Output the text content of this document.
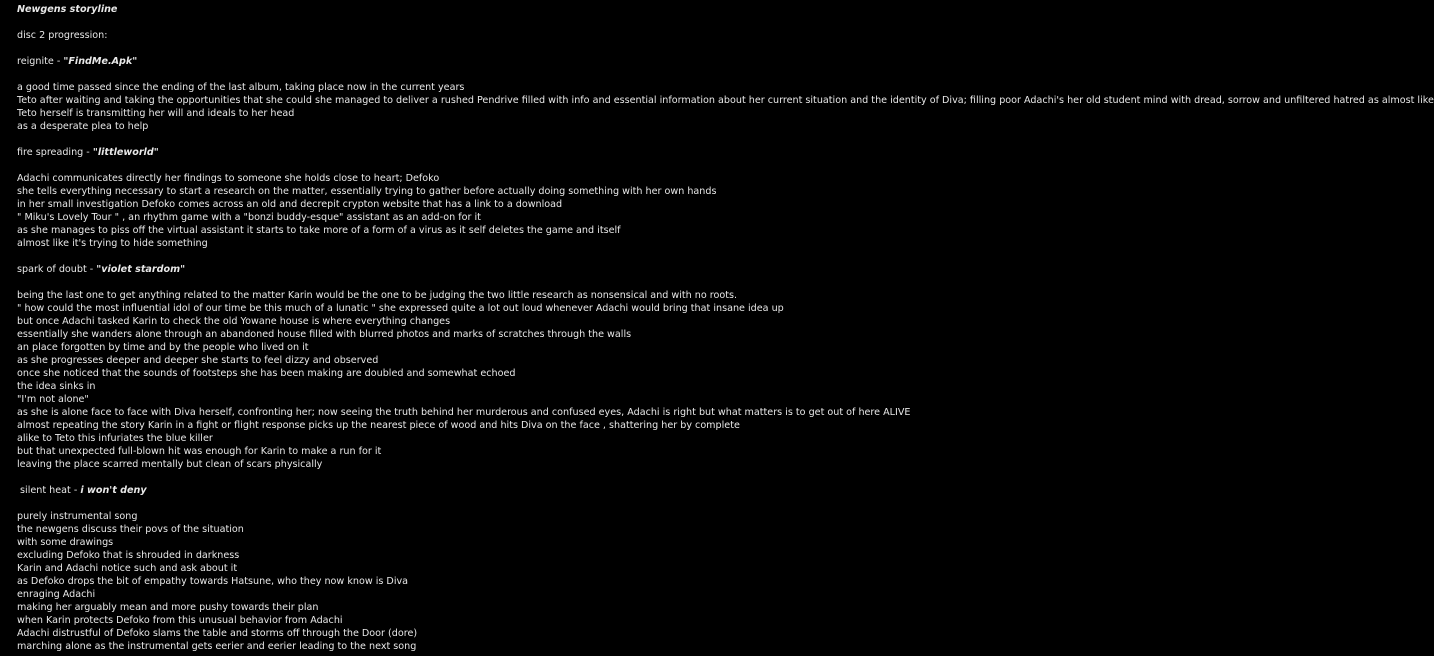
Newgens storyline
disc 2 progression:
reignite - "FindMe.Apk"
a good time passed since the ending of the last album, taking place now in the current years
Teto after waiting and taking the opportunities that she could she managed to deliver a rushed Pendrive filled with info and essential information about her current situation and the identity of Diva; filling poor Adachi's her old student mind with dread, sorrow and unfiltered hatred as almost like
Teto herself is transmitting her will and ideals to her head
as a desperate plea to help
fire spreading - "littleworld"
Adachi communicates directly her findings to someone she holds close to heart; Defoko
she tells everything necessary to start a research on the matter, essentially trying to gather before actually doing something with her own hands
in her small investigation Defoko comes across an old and decrepit crypton website that has a link to a download
" Miku's Lovely Tour " , an rhythm game with a "bonzi buddy-esque" assistant as an add-on for it
as she manages to piss off the virtual assistant it starts to take more of a form of a virus as it self deletes the game and itself
almost like it's trying to hide something
spark of doubt - "violet stardom"
being the last one to get anything related to the matter Karin would be the one to be judging the two little research as nonsensical and with no roots.
" how could the most influential idol of our time be this much of a lunatic " she expressed quite a lot out loud whenever Adachi would bring that insane idea up
but once Adachi tasked Karin to check the old Yowane house is where everything changes
essentially she wanders alone through an abandoned house filled with blurred photos and marks of scratches through the walls
an place forgotten by time and by the people who lived on it
as she progresses deeper and deeper she starts to feel dizzy and observed
once she noticed that the sounds of footsteps she has been making are doubled and somewhat echoed
the idea sinks in
"I'm not alone"
as she is alone face to face with Diva herself, confronting her; now seeing the truth behind her murderous and confused eyes, Adachi is right but what matters is to get out of here ALIVE
almost repeating the story Karin in a fight or flight response picks up the nearest piece of wood and hits Diva on the face , shattering her by complete
alike to Teto this infuriates the blue killer
but that unexpected full-blown hit was enough for Karin to make a run for it
leaving the place scarred mentally but clean of scars physically
silent heat - i won't deny
purely instrumental song
the newgens discuss their povs of the situation
with some drawings
excluding Defoko that is shrouded in darkness
Karin and Adachi notice such and ask about it
as Defoko drops the bit of empathy towards Hatsune, who they now know is Diva
enraging Adachi
making her arguably mean and more pushy towards their plan
when Karin protects Defoko from this unusual behavior from Adachi
Adachi distrustful of Defoko slams the table and storms off through the Door (dore)
marching alone as the instrumental gets eerier and eerier leading to the next song
